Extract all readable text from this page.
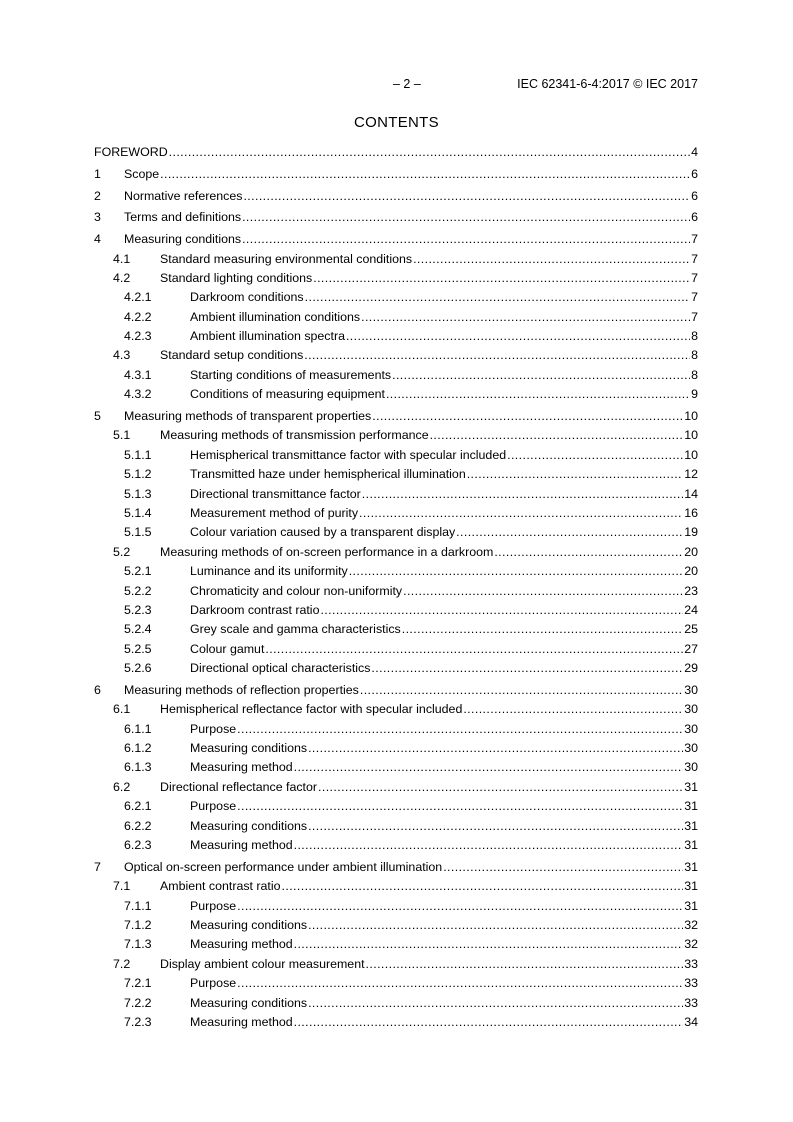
– 2 –	IEC 62341-6-4:2017 © IEC 2017
CONTENTS
FOREWORD .....	4
1	Scope .....	6
2	Normative references .....	6
3	Terms and definitions .....	6
4	Measuring conditions .....	7
4.1	Standard measuring environmental conditions .....	7
4.2	Standard lighting conditions .....	7
4.2.1	Darkroom conditions .....	7
4.2.2	Ambient illumination conditions .....	7
4.2.3	Ambient illumination spectra .....	8
4.3	Standard setup conditions .....	8
4.3.1	Starting conditions of measurements .....	8
4.3.2	Conditions of measuring equipment .....	9
5	Measuring methods of transparent properties .....	10
5.1	Measuring methods of transmission performance .....	10
5.1.1	Hemispherical transmittance factor with specular included .....	10
5.1.2	Transmitted haze under hemispherical illumination .....	12
5.1.3	Directional transmittance factor .....	14
5.1.4	Measurement method of purity .....	16
5.1.5	Colour variation caused by a transparent display .....	19
5.2	Measuring methods of on-screen performance in a darkroom .....	20
5.2.1	Luminance and its uniformity .....	20
5.2.2	Chromaticity and colour non-uniformity .....	23
5.2.3	Darkroom contrast ratio .....	24
5.2.4	Grey scale and gamma characteristics .....	25
5.2.5	Colour gamut .....	27
5.2.6	Directional optical characteristics .....	29
6	Measuring methods of reflection properties .....	30
6.1	Hemispherical reflectance factor with specular included .....	30
6.1.1	Purpose .....	30
6.1.2	Measuring conditions .....	30
6.1.3	Measuring method .....	30
6.2	Directional reflectance factor .....	31
6.2.1	Purpose .....	31
6.2.2	Measuring conditions .....	31
6.2.3	Measuring method .....	31
7	Optical on-screen performance under ambient illumination .....	31
7.1	Ambient contrast ratio .....	31
7.1.1	Purpose .....	31
7.1.2	Measuring conditions .....	32
7.1.3	Measuring method .....	32
7.2	Display ambient colour measurement .....	33
7.2.1	Purpose .....	33
7.2.2	Measuring conditions .....	33
7.2.3	Measuring method .....	34
